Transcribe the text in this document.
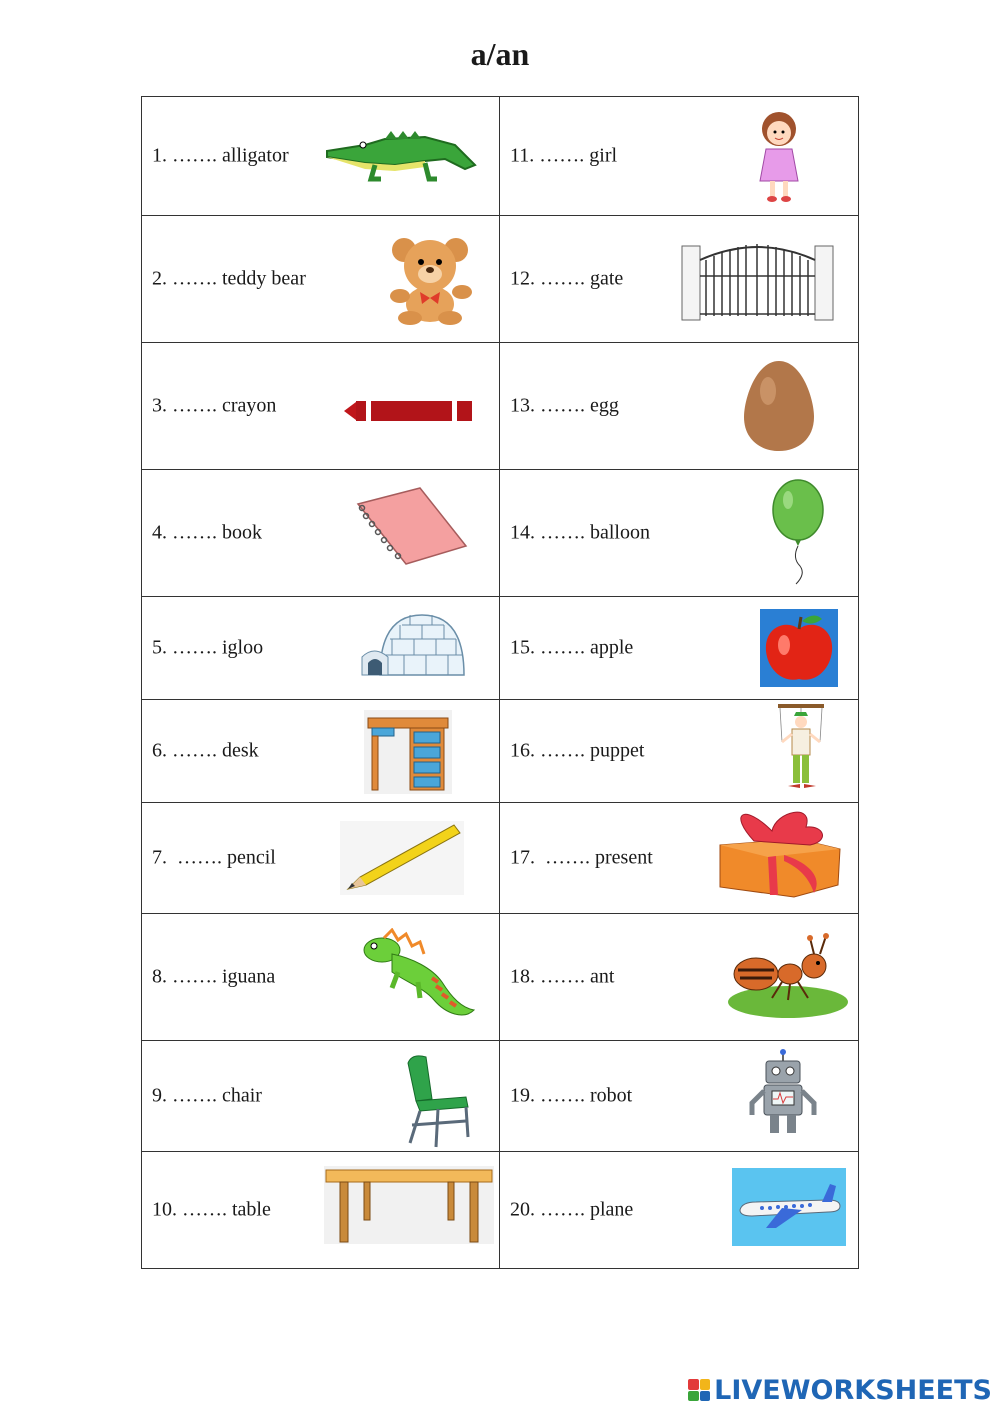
a/an
1. ……. alligator	11. ……. girl

2. ……. teddy bear	12. ……. gate

3. ……. crayon	13. ……. egg

4. ……. book	14. ……. balloon

5. ……. igloo	15. ……. apple

6. ……. desk	16. ……. puppet

7.  ……. pencil	17.  ……. present

8. ……. iguana	18. ……. ant

9. ……. chair	19. ……. robot

10. ……. table	20. ……. plane
LIVEWORKSHEETS
